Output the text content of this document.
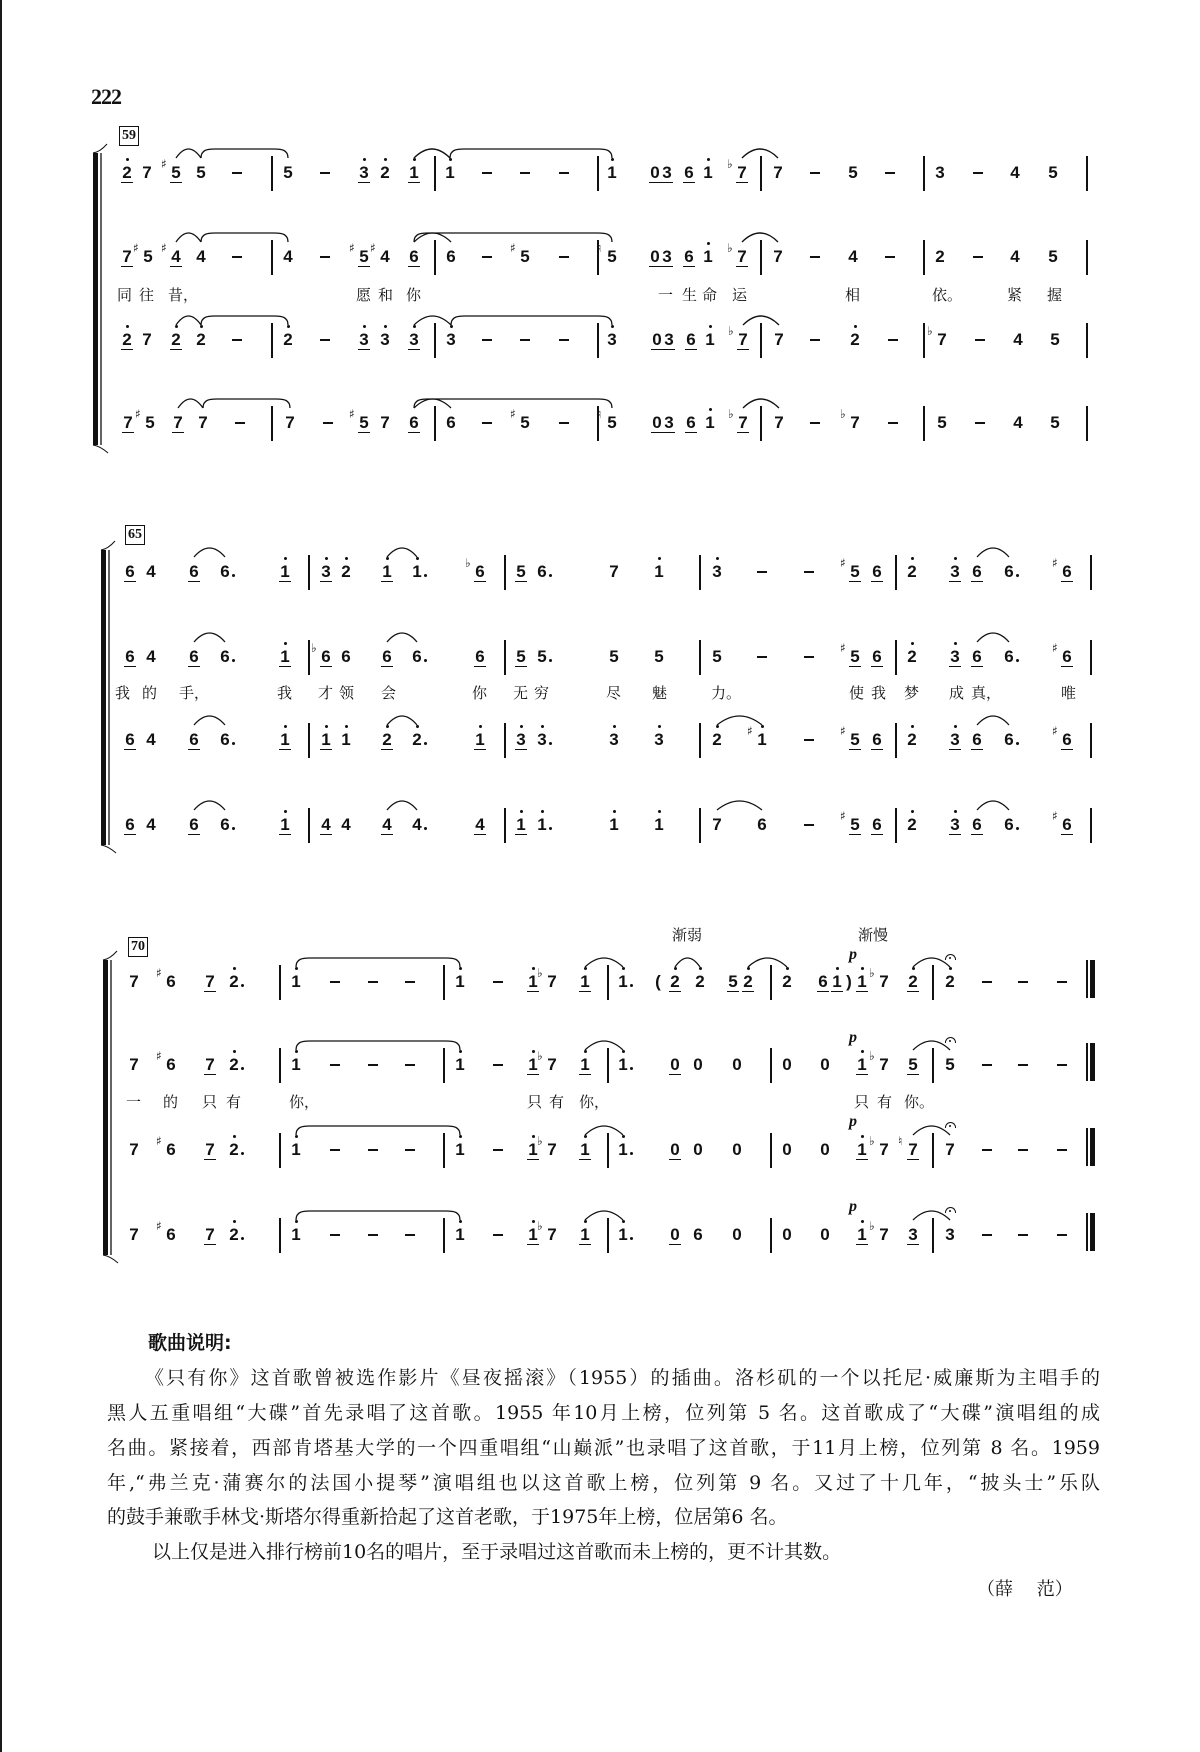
222
59
2 7 5
♯ 5	5	3 2 1 1	1 0 3 6 1 7
♭ 7	5	3	4 5
7 5
♯ 4
♯ 4	4	5
♯ 4
♯ 6 6	5
♯	5
♮	0 3 6 1 7
♭ 7	4	2	4 5
2 7 2 2	2	3 3 3 3	3 0 3 6 1 7
♭ 7	2	7
♭	4 5
7 5
♯ 7 7	7	5
♯ 7 6 6	5
♯	5
♮	0 3 6 1 7
♭ 7	7
♭	5	4 5
同 往 昔，	愿 和 你	一 生 命 运	相	依。	紧 握
65
6 4 6 6	1 3 2 1 1	6
♭	5 6	7 1	3	5
♯ 6 2 3 6 6	6
♯
6 4 6 6	1 6
♭ 6 6 6	6 5 5	5 5	5	5
♯ 6 2 3 6 6	6
♯
6 4 6 6	1 1 1 2 2	1 3 3	3 3	2 1
♯	5
♯ 6 2 3 6 6	6
♯
6 4 6 6	1 4 4 4 4	4 1 1	1 1	7 6	5
♯ 6 2 3 6 6	6
♯
我 的 手，	我 才 领 会	你 无 穷	尽 魅	力。	使 我 梦 成 真，	唯
70
7 6
♯	7 2	1	1	1 7
♭ 1 1 ( 2 2 5 2 2 6 1 ) 1 7
♭ 2 2
7 6
♯	7 2	1	1	1 7
♭ 1 1	0 0 0 0 0 1 7
♭ 5 5
7 6
♯	7 2	1	1	1 7
♭ 1 1	0 0 0 0 0 1 7
♭ 7
♮	7
7 6
♯	7 2	1	1	1 7
♭ 1 1	0 6 0 0 0 1 7
♭ 3 3
一 的 只 有	你，	只 有 你，	只 有 你。
渐弱	渐慢
p
p
p
p
歌曲说明:
《只有你》这首歌曾被选作影片《昼夜摇滚》（1955）的插曲。洛杉矶的一个以托尼·威廉斯为主唱手的
黑人五重唱组“大碟”首先录唱了这首歌。1955 年10月上榜，位列第 5 名。这首歌成了“大碟”演唱组的成
名曲。紧接着，西部肯塔基大学的一个四重唱组“山巅派”也录唱了这首歌，于11月上榜，位列第 8 名。1959
年,“弗兰克·蒲赛尔的法国小提琴”演唱组也以这首歌上榜，位列第 9 名。又过了十几年，“披头士”乐队
的鼓手兼歌手林戈·斯塔尔得重新拾起了这首老歌，于1975年上榜，位居第6 名。
以上仅是进入排行榜前10名的唱片，至于录唱过这首歌而未上榜的，更不计其数。
（薛　 范）
